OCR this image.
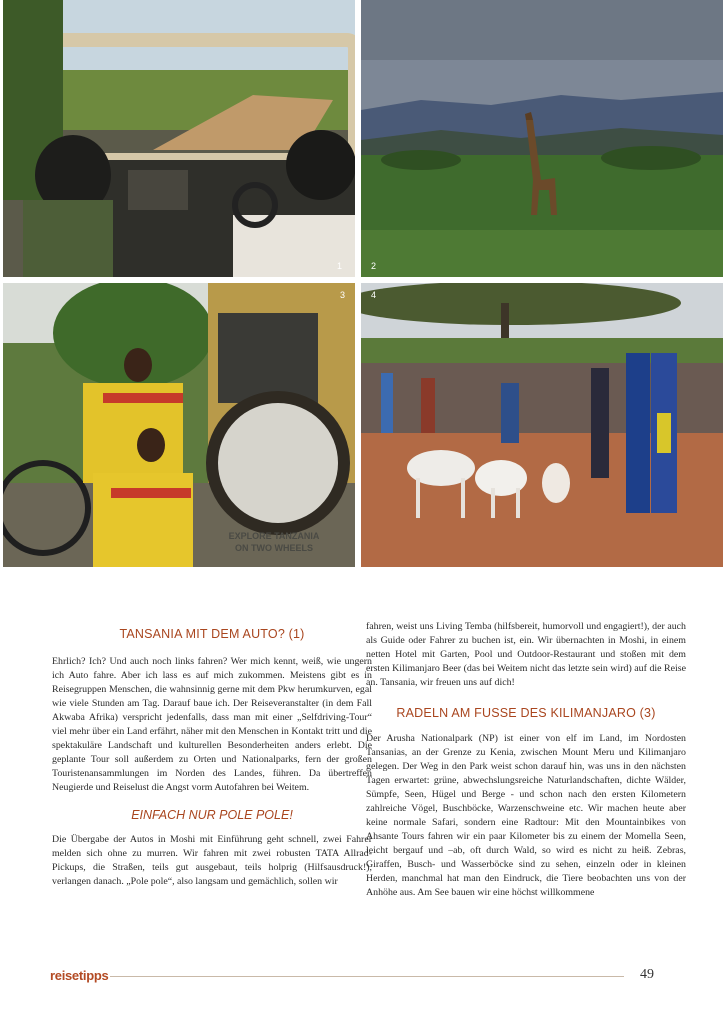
1	2
EXPLORE TANZANIA ON TWO WHEELS
3	4

TANSANIA MIT DEM AUTO? (1)

Ehrlich? Ich? Und auch noch links fahren? Wer mich kennt, weiß, wie ungern ich Auto fahre. Aber ich lass es auf mich zukommen. Meistens gibt es in Reisegruppen Menschen, die wahnsinnig gerne mit dem Pkw herumkurven, egal wie viele Stunden am Tag. Darauf baue ich. Der Reiseveranstalter (in dem Fall Akwaba Afrika) verspricht jedenfalls, dass man mit einer „Selfdriving-Tour“ viel mehr über ein Land erfährt, näher mit den Menschen in Kontakt tritt und die spektakuläre Landschaft und kulturellen Besonderheiten anders erlebt. Die geplante Tour soll außerdem zu Orten und Nationalparks, fern der großen Touristenansammlungen im Norden des Landes, führen. Da übertreffen Neugierde und Reiselust die Angst vorm Autofahren bei Weitem.

EINFACH NUR POLE POLE!

Die Übergabe der Autos in Moshi mit Einführung geht schnell, zwei Fahrer melden sich ohne zu murren. Wir fahren mit zwei robusten TATA Allrad-Pickups, die Straßen, teils gut ausgebaut, teils holprig (Hilfsausdruck!), verlangen danach. „Pole pole“, also langsam und gemächlich, sollen wir

fahren, weist uns Living Temba (hilfsbereit, humorvoll und engagiert!), der auch als Guide oder Fahrer zu buchen ist, ein. Wir übernachten in Moshi, in einem netten Hotel mit Garten, Pool und Outdoor-Restaurant und stoßen mit dem ersten Kilimanjaro Beer (das bei Weitem nicht das letzte sein wird) auf die Reise an. Tansania, wir freuen uns auf dich!

RADELN AM FUSSE DES KILIMANJARO (3)

Der Arusha Nationalpark (NP) ist einer von elf im Land, im Nordosten Tansanias, an der Grenze zu Kenia, zwischen Mount Meru und Kilimanjaro gelegen. Der Weg in den Park weist schon darauf hin, was uns in den nächsten Tagen erwartet: grüne, abwechslungsreiche Naturlandschaften, dichte Wälder, Sümpfe, Seen, Hügel und Berge - und schon nach den ersten Kilometern zahlreiche Vögel, Buschböcke, Warzenschweine etc. Wir machen heute aber keine normale Safari, sondern eine Radtour: Mit den Mountainbikes von Ahsante Tours fahren wir ein paar Kilometer bis zu einem der Momella Seen, leicht bergauf und –ab, oft durch Wald, so wird es nicht zu heiß. Zebras, Giraffen, Busch- und Wasserböcke sind zu sehen, einzeln oder in kleinen Herden, manchmal hat man den Eindruck, die Tiere beobachten uns von der Anhöhe aus. Am See bauen wir eine höchst willkommene

reisetipps	49
